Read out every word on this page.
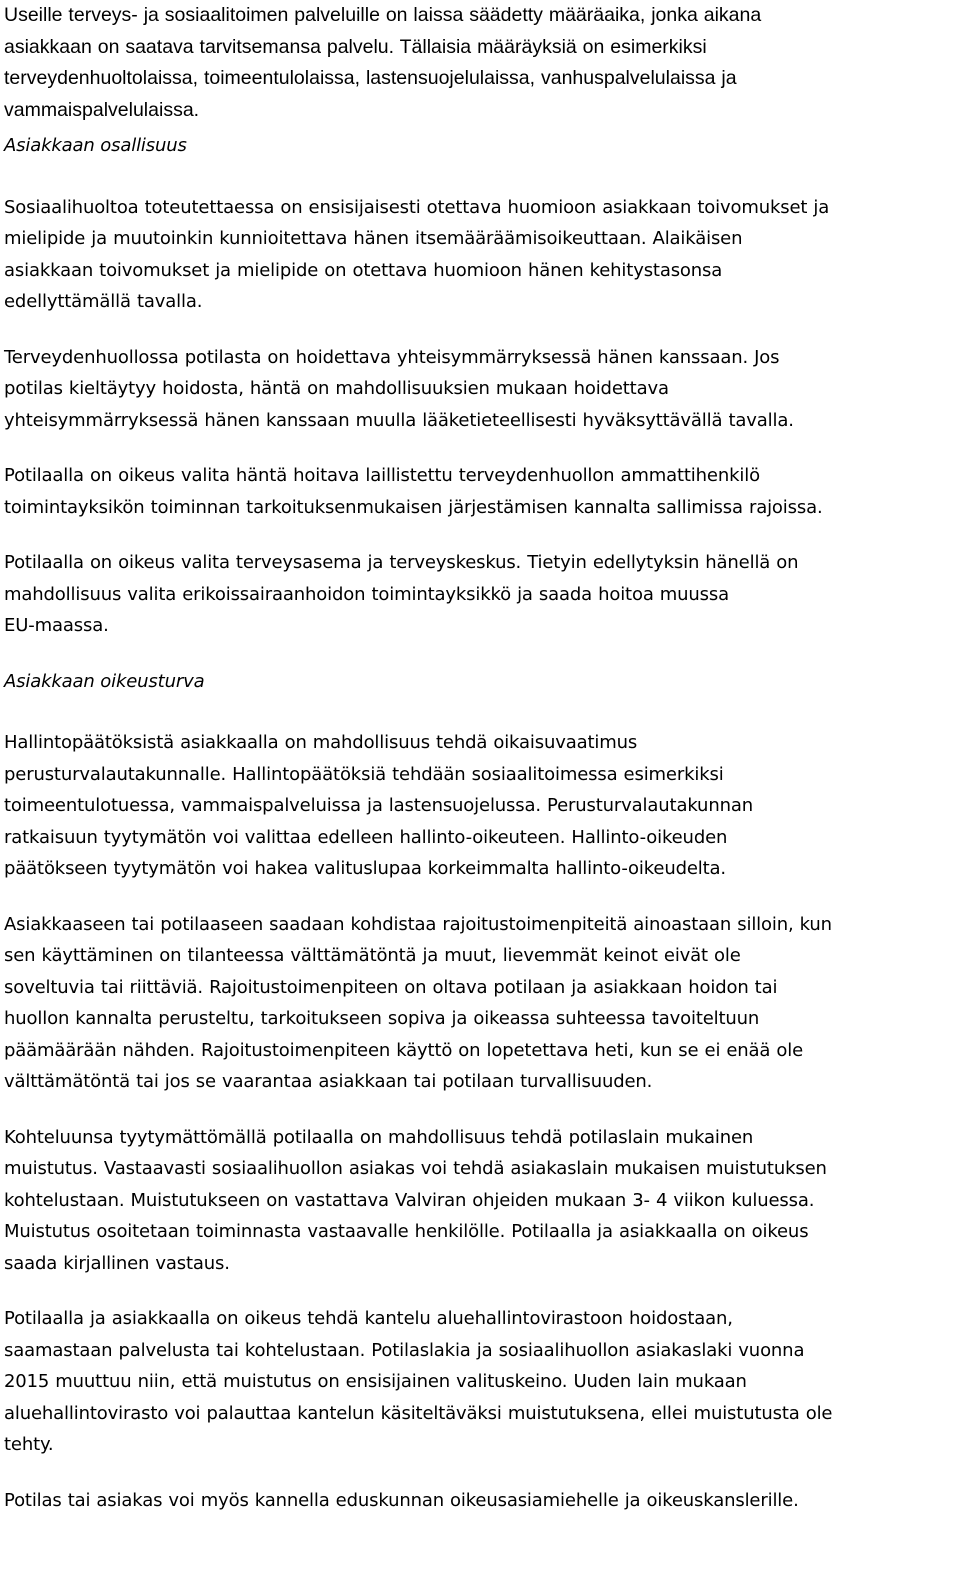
Useille terveys- ja sosiaalitoimen palveluille on laissa säädetty määräaika, jonka aikana
asiakkaan on saatava tarvitsemansa palvelu. Tällaisia määräyksiä on esimerkiksi
terveydenhuoltolaissa, toimeentulolaissa, lastensuojelulaissa, vanhuspalvelulaissa ja
vammaispalvelulaissa.

Asiakkaan osallisuus

Sosiaalihuoltoa toteutettaessa on ensisijaisesti otettava huomioon asiakkaan toivomukset ja
mielipide ja muutoinkin kunnioitettava hänen itsemääräämisoikeuttaan. Alaikäisen
asiakkaan toivomukset ja mielipide on otettava huomioon hänen kehitystasonsa
edellyttämällä tavalla.

Terveydenhuollossa potilasta on hoidettava yhteisymmärryksessä hänen kanssaan. Jos
potilas kieltäytyy hoidosta, häntä on mahdollisuuksien mukaan hoidettava
yhteisymmärryksessä hänen kanssaan muulla lääketieteellisesti hyväksyttävällä tavalla.

Potilaalla on oikeus valita häntä hoitava laillistettu terveydenhuollon ammattihenkilö
toimintayksikön toiminnan tarkoituksenmukaisen järjestämisen kannalta sallimissa rajoissa.

Potilaalla on oikeus valita terveysasema ja terveyskeskus. Tietyin edellytyksin hänellä on
mahdollisuus valita erikoissairaanhoidon toimintayksikkö ja saada hoitoa muussa
EU-maassa.

Asiakkaan oikeusturva

Hallintopäätöksistä asiakkaalla on mahdollisuus tehdä oikaisuvaatimus
perusturvalautakunnalle. Hallintopäätöksiä tehdään sosiaalitoimessa esimerkiksi
toimeentulotuessa, vammaispalveluissa ja lastensuojelussa. Perusturvalautakunnan
ratkaisuun tyytymätön voi valittaa edelleen hallinto-oikeuteen. Hallinto-oikeuden
päätökseen tyytymätön voi hakea valituslupaa korkeimmalta hallinto-oikeudelta.

Asiakkaaseen tai potilaaseen saadaan kohdistaa rajoitustoimenpiteitä ainoastaan silloin, kun
sen käyttäminen on tilanteessa välttämätöntä ja muut, lievemmät keinot eivät ole
soveltuvia tai riittäviä. Rajoitustoimenpiteen on oltava potilaan ja asiakkaan hoidon tai
huollon kannalta perusteltu, tarkoitukseen sopiva ja oikeassa suhteessa tavoiteltuun
päämäärään nähden. Rajoitustoimenpiteen käyttö on lopetettava heti, kun se ei enää ole
välttämätöntä tai jos se vaarantaa asiakkaan tai potilaan turvallisuuden.

Kohteluunsa tyytymättömällä potilaalla on mahdollisuus tehdä potilaslain mukainen
muistutus. Vastaavasti sosiaalihuollon asiakas voi tehdä asiakaslain mukaisen muistutuksen
kohtelustaan. Muistutukseen on vastattava Valviran ohjeiden mukaan 3- 4 viikon kuluessa.
Muistutus osoitetaan toiminnasta vastaavalle henkilölle. Potilaalla ja asiakkaalla on oikeus
saada kirjallinen vastaus.

Potilaalla ja asiakkaalla on oikeus tehdä kantelu aluehallintovirastoon hoidostaan,
saamastaan palvelusta tai kohtelustaan. Potilaslakia ja sosiaalihuollon asiakaslaki vuonna
2015 muuttuu niin, että muistutus on ensisijainen valituskeino. Uuden lain mukaan
aluehallintovirasto voi palauttaa kantelun käsiteltäväksi muistutuksena, ellei muistutusta ole
tehty.

Potilas tai asiakas voi myös kannella eduskunnan oikeusasiamiehelle ja oikeuskanslerille.
